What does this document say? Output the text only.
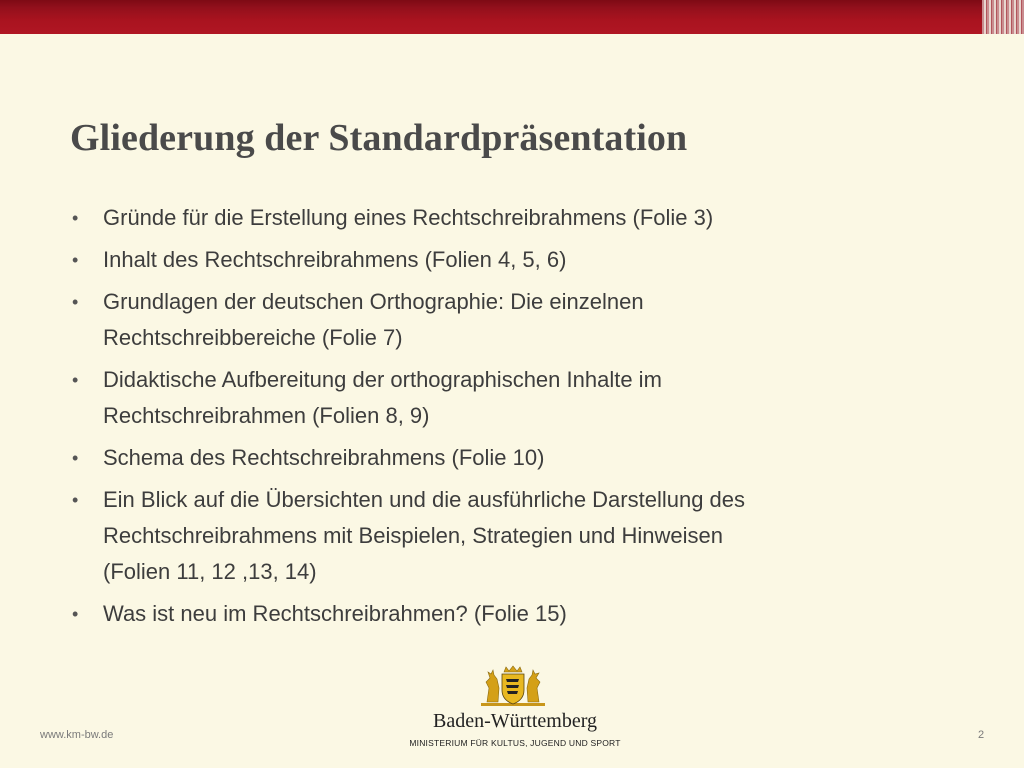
Gliederung der Standardpräsentation
• Gründe für die Erstellung eines Rechtschreibrahmens (Folie 3)
• Inhalt des Rechtschreibrahmens (Folien 4, 5, 6)
• Grundlagen der deutschen Orthographie: Die einzelnen
Rechtschreibbereiche (Folie 7)
• Didaktische Aufbereitung der orthographischen Inhalte im
Rechtschreibrahmen (Folien 8, 9)
• Schema des Rechtschreibrahmens (Folie 10)
• Ein Blick auf die Übersichten und die ausführliche Darstellung des
Rechtschreibrahmens mit Beispielen, Strategien und Hinweisen
(Folien 11, 12 ,13, 14)
• Was ist neu im Rechtschreibrahmen? (Folie 15)
Baden-Württemberg
MINISTERIUM FÜR KULTUS, JUGEND UND SPORT
www.km-bw.de	2
